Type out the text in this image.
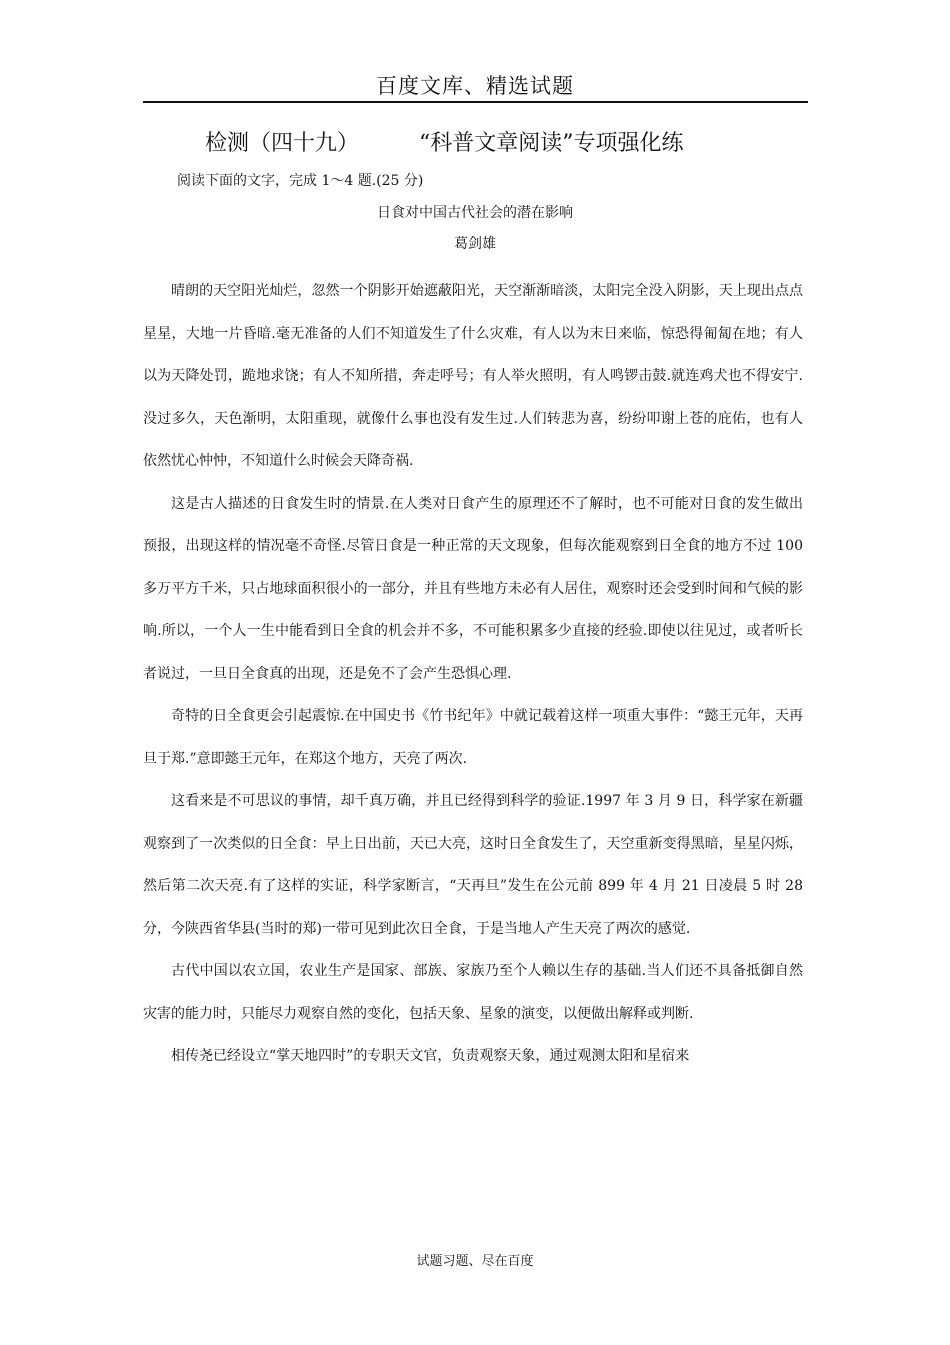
百度文库、精选试题
检测（四十九）	“科普文章阅读”专项强化练
阅读下面的文字，完成 1～4 题.(25 分)
日食对中国古代社会的潜在影响
葛剑雄

晴朗的天空阳光灿烂，忽然一个阴影开始遮蔽阳光，天空渐渐暗淡，太阳完全没入阴影，天上现出点点星星，大地一片昏暗.毫无准备的人们不知道发生了什么灾难，有人以为末日来临，惊恐得匍匐在地；有人以为天降处罚，跪地求饶；有人不知所措，奔走呼号；有人举火照明，有人鸣锣击鼓.就连鸡犬也不得安宁.没过多久，天色渐明，太阳重现，就像什么事也没有发生过.人们转悲为喜，纷纷叩谢上苍的庇佑，也有人依然忧心忡忡，不知道什么时候会天降奇祸.

这是古人描述的日食发生时的情景.在人类对日食产生的原理还不了解时，也不可能对日食的发生做出预报，出现这样的情况毫不奇怪.尽管日食是一种正常的天文现象，但每次能观察到日全食的地方不过 100 多万平方千米，只占地球面积很小的一部分，并且有些地方未必有人居住，观察时还会受到时间和气候的影响.所以，一个人一生中能看到日全食的机会并不多，不可能积累多少直接的经验.即使以往见过，或者听长者说过，一旦日全食真的出现，还是免不了会产生恐惧心理.

奇特的日全食更会引起震惊.在中国史书《竹书纪年》中就记载着这样一项重大事件：“懿王元年，天再旦于郑.”意即懿王元年，在郑这个地方，天亮了两次.

这看来是不可思议的事情，却千真万确，并且已经得到科学的验证.1997 年 3 月 9 日，科学家在新疆观察到了一次类似的日全食：早上日出前，天已大亮，这时日全食发生了，天空重新变得黑暗，星星闪烁，然后第二次天亮.有了这样的实证，科学家断言，“天再旦”发生在公元前 899 年 4 月 21 日凌晨 5 时 28 分，今陕西省华县(当时的郑)一带可见到此次日全食，于是当地人产生天亮了两次的感觉.

古代中国以农立国，农业生产是国家、部族、家族乃至个人赖以生存的基础.当人们还不具备抵御自然灾害的能力时，只能尽力观察自然的变化，包括天象、星象的演变，以便做出解释或判断.

相传尧已经设立“掌天地四时”的专职天文官，负责观察天象，通过观测太阳和星宿来

试题习题、尽在百度
